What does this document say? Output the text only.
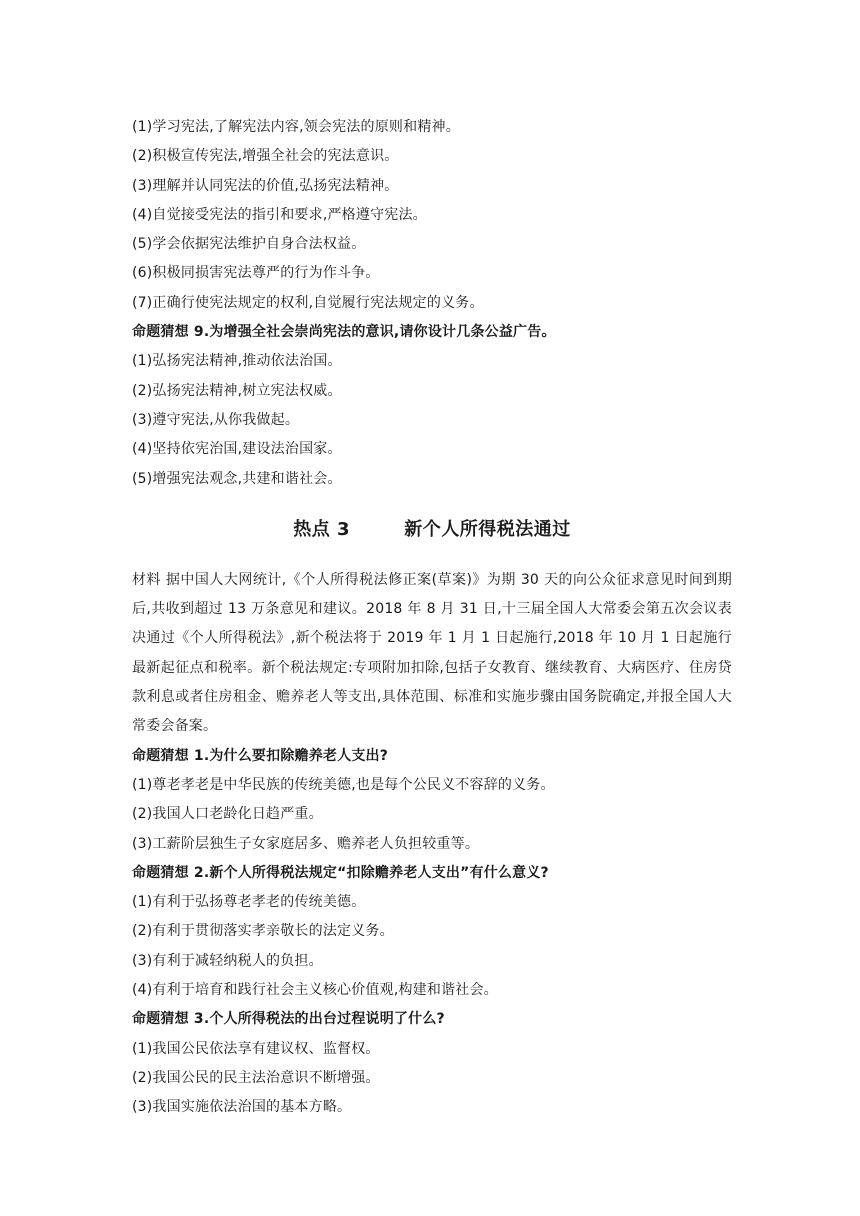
(1)学习宪法,了解宪法内容,领会宪法的原则和精神。
(2)积极宣传宪法,增强全社会的宪法意识。
(3)理解并认同宪法的价值,弘扬宪法精神。
(4)自觉接受宪法的指引和要求,严格遵守宪法。
(5)学会依据宪法维护自身合法权益。
(6)积极同损害宪法尊严的行为作斗争。
(7)正确行使宪法规定的权利,自觉履行宪法规定的义务。
命题猜想 9.为增强全社会崇尚宪法的意识,请你设计几条公益广告。
(1)弘扬宪法精神,推动依法治国。
(2)弘扬宪法精神,树立宪法权威。
(3)遵守宪法,从你我做起。
(4)坚持依宪治国,建设法治国家。
(5)增强宪法观念,共建和谐社会。
热点 3        新个人所得税法通过
材料 据中国人大网统计,《个人所得税法修正案(草案)》为期 30 天的向公众征求意见时间到期后,共收到超过 13 万条意见和建议。2018 年 8 月 31 日,十三届全国人大常委会第五次会议表决通过《个人所得税法》,新个税法将于 2019 年 1 月 1 日起施行,2018 年 10 月 1 日起施行最新起征点和税率。新个税法规定:专项附加扣除,包括子女教育、继续教育、大病医疗、住房贷款利息或者住房租金、赡养老人等支出,具体范围、标准和实施步骤由国务院确定,并报全国人大常委会备案。
命题猜想 1.为什么要扣除赡养老人支出?
(1)尊老孝老是中华民族的传统美德,也是每个公民义不容辞的义务。
(2)我国人口老龄化日趋严重。
(3)工薪阶层独生子女家庭居多、赡养老人负担较重等。
命题猜想 2.新个人所得税法规定“扣除赡养老人支出”有什么意义?
(1)有利于弘扬尊老孝老的传统美德。
(2)有利于贯彻落实孝亲敬长的法定义务。
(3)有利于减轻纳税人的负担。
(4)有利于培育和践行社会主义核心价值观,构建和谐社会。
命题猜想 3.个人所得税法的出台过程说明了什么?
(1)我国公民依法享有建议权、监督权。
(2)我国公民的民主法治意识不断增强。
(3)我国实施依法治国的基本方略。
